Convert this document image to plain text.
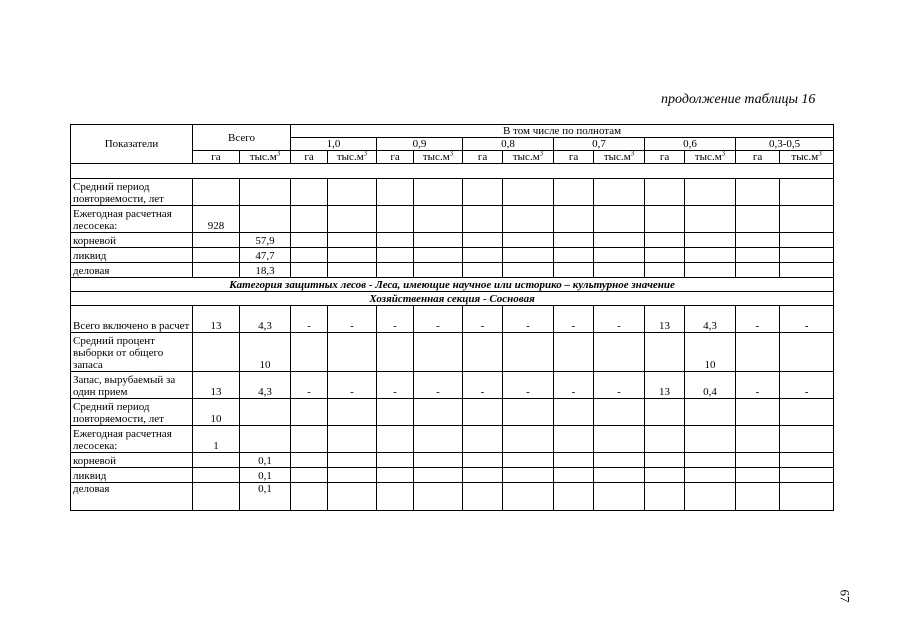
продолжение таблицы 16
Показатели	Всего		В том числе по полнотам											
			1,0		0,9		0,8		0,7		0,6		0,3-0,5	
	га	$тыс.м^3$	га	$тыс.м^3$	га	$тыс.м^3$	га	$тыс.м^3$	га	$тыс.м^3$	га	$тыс.м^3$	га	$тыс.м^3$

Средний период повторяемости, лет														
Ежегодная расчетная лесосека:	928													
корневой		57,9												
ликвид		47,7												
деловая		18,3												
Категория защитных лесов - Леса, имеющие научное или историко – культурное значение														
Хозяйственная секция - Сосновая														
Всего включено в расчет	13	4,3	-	-	-	-	-	-	-	-	13	4,3	-	-
Средний процент выборки от общего запаса		10										10		
Запас, вырубаемый за один прием	13	4,3	-	-	-	-	-	-	-	-	13	0,4	-	-
Средний период повторяемости, лет	10													
Ежегодная расчетная лесосека:	1													
корневой		0,1												
ликвид		0,1												
деловая		0,1												
67
